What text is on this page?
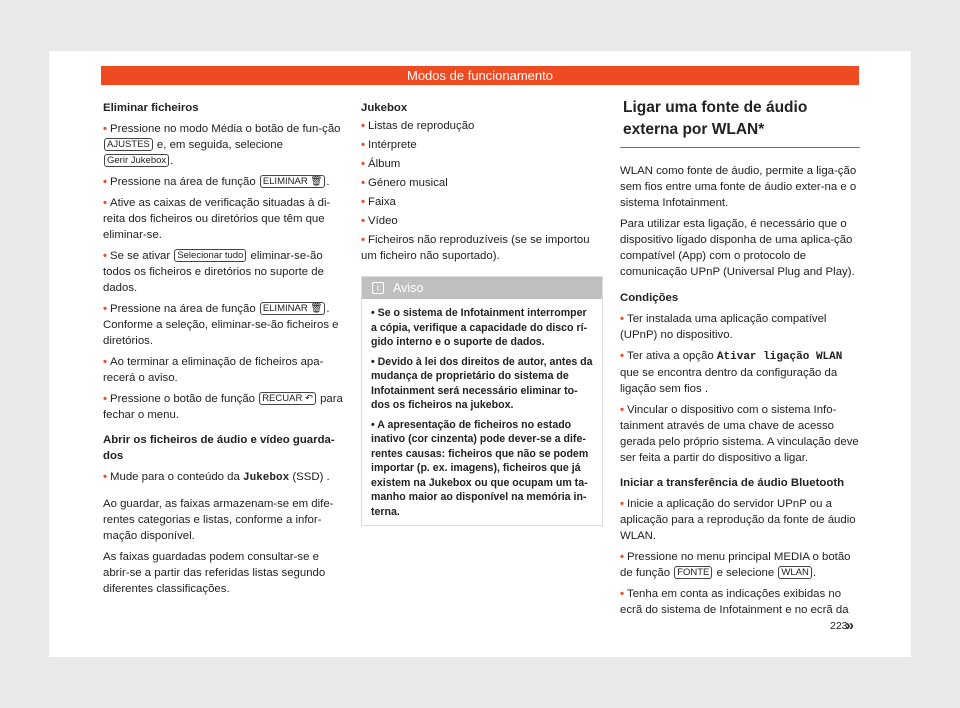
Modos de funcionamento
Eliminar ficheiros
• Pressione no modo Média o botão de fun-ção AJUSTES e, em seguida, selecione Gerir Jukebox .
• Pressione na área de função ELIMINAR 🗑 .
• Ative as caixas de verificação situadas à di-reita dos ficheiros ou diretórios que têm que eliminar-se.
• Se se ativar Selecionar tudo eliminar-se-ão todos os ficheiros e diretórios no suporte de dados.
• Pressione na área de função ELIMINAR 🗑 . Conforme a seleção, eliminar-se-ão ficheiros e diretórios.
• Ao terminar a eliminação de ficheiros apa-recerá o aviso.
• Pressione o botão de função RECUAR ↶ para fechar o menu.
Abrir os ficheiros de áudio e vídeo guarda-dos
• Mude para o conteúdo da Jukebox (SSD) .

Ao guardar, as faixas armazenam-se em dife-rentes categorias e listas, conforme a infor-mação disponível.

As faixas guardadas podem consultar-se e abrir-se a partir das referidas listas segundo diferentes classificações.

Jukebox
• Listas de reprodução
• Intérprete
• Álbum
• Género musical
• Faixa
• Vídeo
• Ficheiros não reproduzíveis (se se importou um ficheiro não suportado).
i Aviso
• Se o sistema de Infotainment interromper a cópia, verifique a capacidade do disco rí-gido interno e o suporte de dados.
• Devido à lei dos direitos de autor, antes da mudança de proprietário do sistema de Infotainment será necessário eliminar to-dos os ficheiros na jukebox.
• A apresentação de ficheiros no estado inativo (cor cinzenta) pode dever-se a dife-rentes causas: ficheiros que não se podem importar (p. ex. imagens), ficheiros que já existem na Jukebox ou que ocupam um ta-manho maior ao disponível na memória in-terna.
Ligar uma fonte de áudio externa por WLAN*

WLAN como fonte de áudio, permite a liga-ção sem fios entre uma fonte de áudio exter-na e o sistema Infotainment.

Para utilizar esta ligação, é necessário que o dispositivo ligado disponha de uma aplica-ção compatível (App) com o protocolo de comunicação UPnP (Universal Plug and Play).

Condições
• Ter instalada uma aplicação compatível (UPnP) no dispositivo.
• Ter ativa a opção Ativar ligação WLAN que se encontra dentro da configuração da ligação sem fios .
• Vincular o dispositivo com o sistema Info-tainment através de uma chave de acesso gerada pelo próprio sistema. A vinculação deve ser feita a partir do dispositivo a ligar.
Iniciar a transferência de áudio Bluetooth
• Inicie a aplicação do servidor UPnP ou a aplicação para a reprodução da fonte de áudio WLAN.
• Pressione no menu principal MEDIA o botão de função FONTE e selecione WLAN .
• Tenha em conta as indicações exibidas no ecrã do sistema de Infotainment e no ecrã da
»
223
